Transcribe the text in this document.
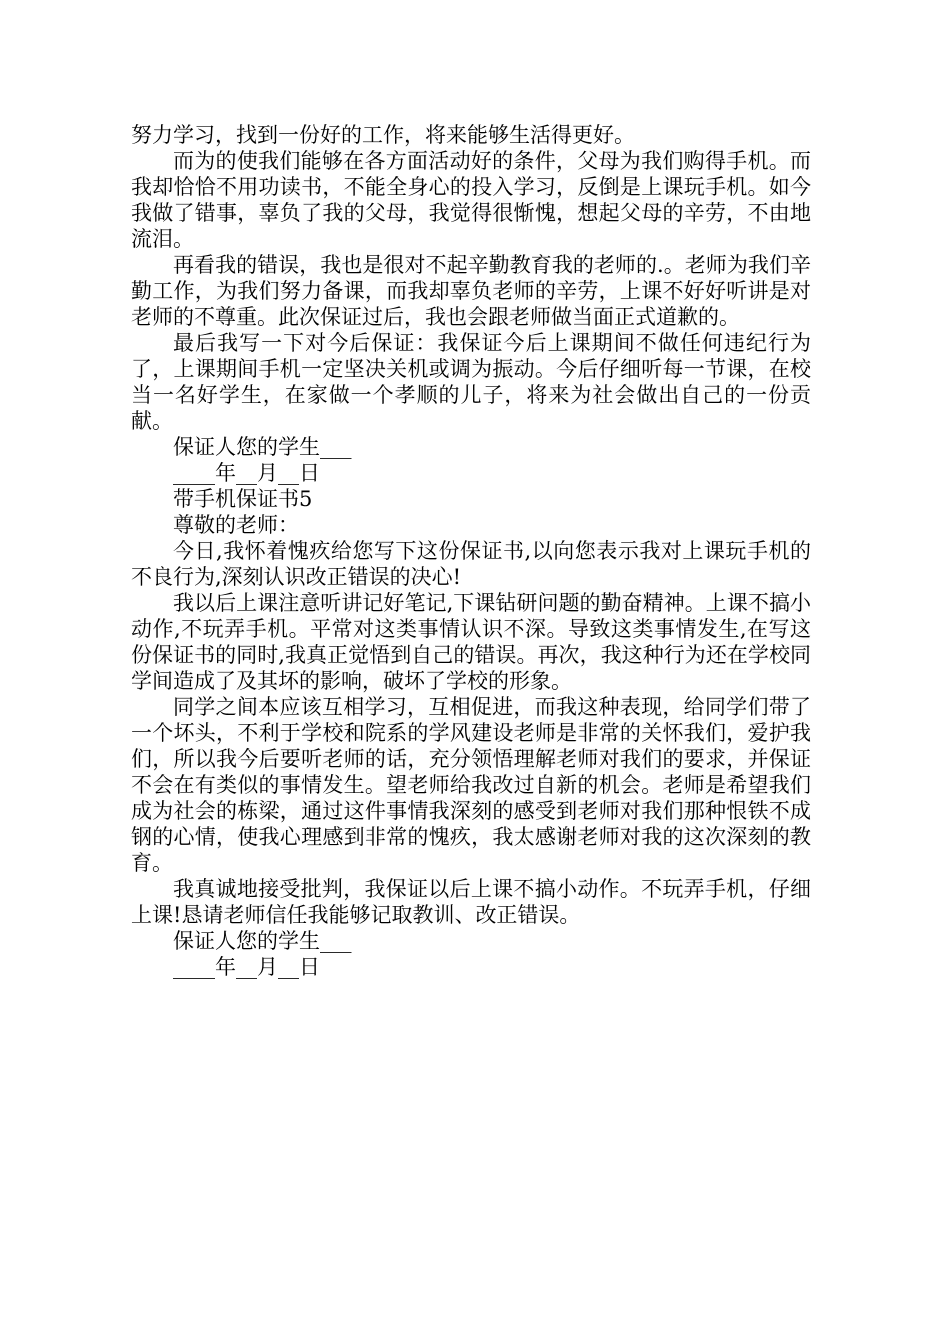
努力学习，找到一份好的工作，将来能够生活得更好。

而为的使我们能够在各方面活动好的条件，父母为我们购得手机。而我却恰恰不用功读书，不能全身心的投入学习，反倒是上课玩手机。如今我做了错事，辜负了我的父母，我觉得很惭愧，想起父母的辛劳，不由地流泪。

再看我的错误，我也是很对不起辛勤教育我的老师的.。老师为我们辛勤工作，为我们努力备课，而我却辜负老师的辛劳，上课不好好听讲是对老师的不尊重。此次保证过后，我也会跟老师做当面正式道歉的。

最后我写一下对今后保证：我保证今后上课期间不做任何违纪行为了，上课期间手机一定坚决关机或调为振动。今后仔细听每一节课，在校当一名好学生，在家做一个孝顺的儿子，将来为社会做出自己的一份贡献。

保证人您的学生___

____年__月__日

带手机保证书5

尊敬的老师：

今日,我怀着愧疚给您写下这份保证书,以向您表示我对上课玩手机的不良行为,深刻认识改正错误的决心!

我以后上课注意听讲记好笔记,下课钻研问题的勤奋精神。上课不搞小动作,不玩弄手机。平常对这类事情认识不深。导致这类事情发生,在写这份保证书的同时,我真正觉悟到自己的错误。再次，我这种行为还在学校同学间造成了及其坏的影响，破坏了学校的形象。

同学之间本应该互相学习，互相促进，而我这种表现，给同学们带了一个坏头，不利于学校和院系的学风建设老师是非常的关怀我们，爱护我们，所以我今后要听老师的话，充分领悟理解老师对我们的要求，并保证不会在有类似的事情发生。望老师给我改过自新的机会。老师是希望我们成为社会的栋梁，通过这件事情我深刻的感受到老师对我们那种恨铁不成钢的心情，使我心理感到非常的愧疚，我太感谢老师对我的这次深刻的教育。

我真诚地接受批判，我保证以后上课不搞小动作。不玩弄手机，仔细上课!恳请老师信任我能够记取教训、改正错误。

保证人您的学生___

____年__月__日
